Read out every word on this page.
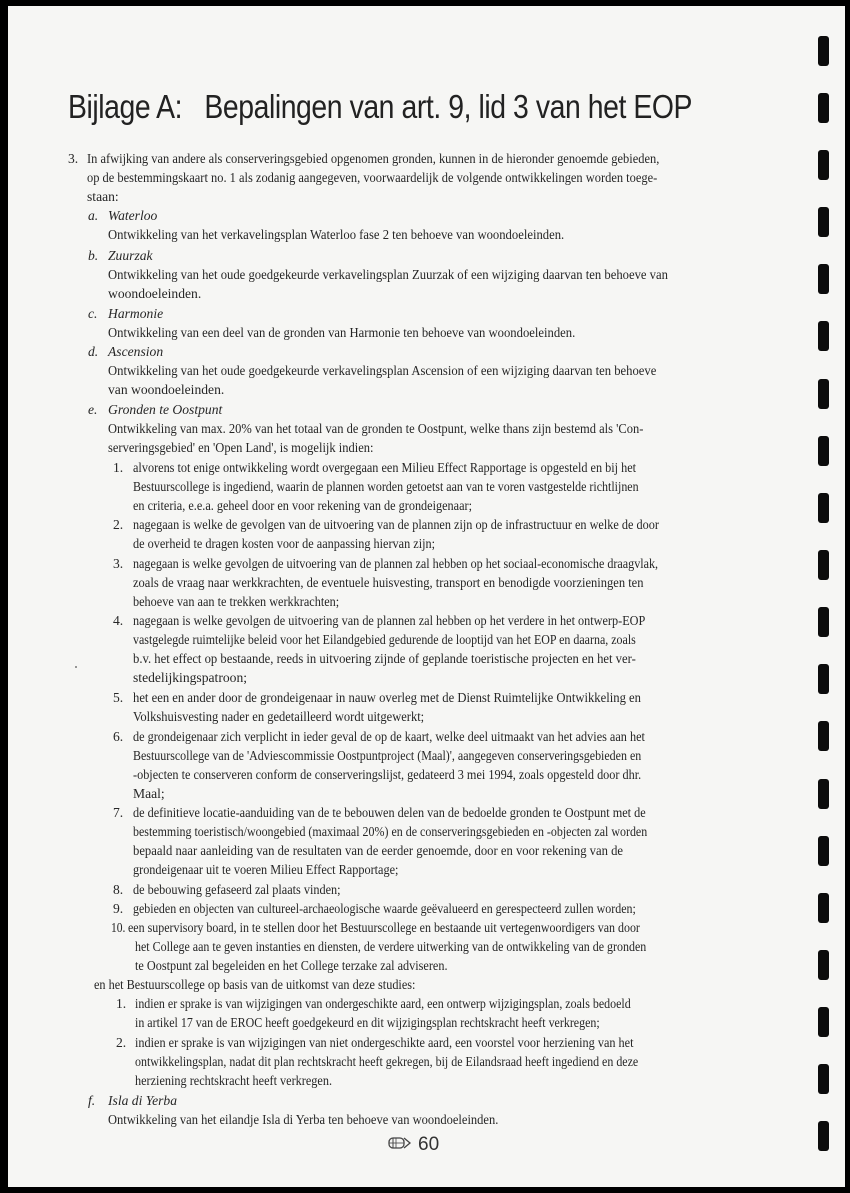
Bijlage A: Bepalingen van art. 9, lid 3 van het EOP
3. In afwijking van andere als conserveringsgebied opgenomen gronden, kunnen in de hieronder genoemde gebieden,
op de bestemmingskaart no. 1 als zodanig aangegeven, voorwaardelijk de volgende ontwikkelingen worden toege-
staan:
a. Waterloo
Ontwikkeling van het verkavelingsplan Waterloo fase 2 ten behoeve van woondoeleinden.
b. Zuurzak
Ontwikkeling van het oude goedgekeurde verkavelingsplan Zuurzak of een wijziging daarvan ten behoeve van
woondoeleinden.
c. Harmonie
Ontwikkeling van een deel van de gronden van Harmonie ten behoeve van woondoeleinden.
d. Ascension
Ontwikkeling van het oude goedgekeurde verkavelingsplan Ascension of een wijziging daarvan ten behoeve
van woondoeleinden.
e. Gronden te Oostpunt
Ontwikkeling van max. 20% van het totaal van de gronden te Oostpunt, welke thans zijn bestemd als 'Con-
serveringsgebied' en 'Open Land', is mogelijk indien:
1. alvorens tot enige ontwikkeling wordt overgegaan een Milieu Effect Rapportage is opgesteld en bij het
Bestuurscollege is ingediend, waarin de plannen worden getoetst aan van te voren vastgestelde richtlijnen
en criteria, e.e.a. geheel door en voor rekening van de grondeigenaar;
2. nagegaan is welke de gevolgen van de uitvoering van de plannen zijn op de infrastructuur en welke de door
de overheid te dragen kosten voor de aanpassing hiervan zijn;
3. nagegaan is welke gevolgen de uitvoering van de plannen zal hebben op het sociaal-economische draagvlak,
zoals de vraag naar werkkrachten, de eventuele huisvesting, transport en benodigde voorzieningen ten
behoeve van aan te trekken werkkrachten;
4. nagegaan is welke gevolgen de uitvoering van de plannen zal hebben op het verdere in het ontwerp-EOP
vastgelegde ruimtelijke beleid voor het Eilandgebied gedurende de looptijd van het EOP en daarna, zoals
b.v. het effect op bestaande, reeds in uitvoering zijnde of geplande toeristische projecten en het ver-
stedelijkingspatroon;
5. het een en ander door de grondeigenaar in nauw overleg met de Dienst Ruimtelijke Ontwikkeling en
Volkshuisvesting nader en gedetailleerd wordt uitgewerkt;
6. de grondeigenaar zich verplicht in ieder geval de op de kaart, welke deel uitmaakt van het advies aan het
Bestuurscollege van de 'Adviescommissie Oostpuntproject (Maal)', aangegeven conserveringsgebieden en
-objecten te conserveren conform de conserveringslijst, gedateerd 3 mei 1994, zoals opgesteld door dhr.
Maal;
7. de definitieve locatie-aanduiding van de te bebouwen delen van de bedoelde gronden te Oostpunt met de
bestemming toeristisch/woongebied (maximaal 20%) en de conserveringsgebieden en -objecten zal worden
bepaald naar aanleiding van de resultaten van de eerder genoemde, door en voor rekening van de
grondeigenaar uit te voeren Milieu Effect Rapportage;
8. de bebouwing gefaseerd zal plaats vinden;
9. gebieden en objecten van cultureel-archaeologische waarde geëvalueerd en gerespecteerd zullen worden;
10. een supervisory board, in te stellen door het Bestuurscollege en bestaande uit vertegenwoordigers van door
het College aan te geven instanties en diensten, de verdere uitwerking van de ontwikkeling van de gronden
te Oostpunt zal begeleiden en het College terzake zal adviseren.
en het Bestuurscollege op basis van de uitkomst van deze studies:
1. indien er sprake is van wijzigingen van ondergeschikte aard, een ontwerp wijzigingsplan, zoals bedoeld
in artikel 17 van de EROC heeft goedgekeurd en dit wijzigingsplan rechtskracht heeft verkregen;
2. indien er sprake is van wijzigingen van niet ondergeschikte aard, een voorstel voor herziening van het
ontwikkelingsplan, nadat dit plan rechtskracht heeft gekregen, bij de Eilandsraad heeft ingediend en deze
herziening rechtskracht heeft verkregen.
f. Isla di Yerba
Ontwikkeling van het eilandje Isla di Yerba ten behoeve van woondoeleinden.
60
